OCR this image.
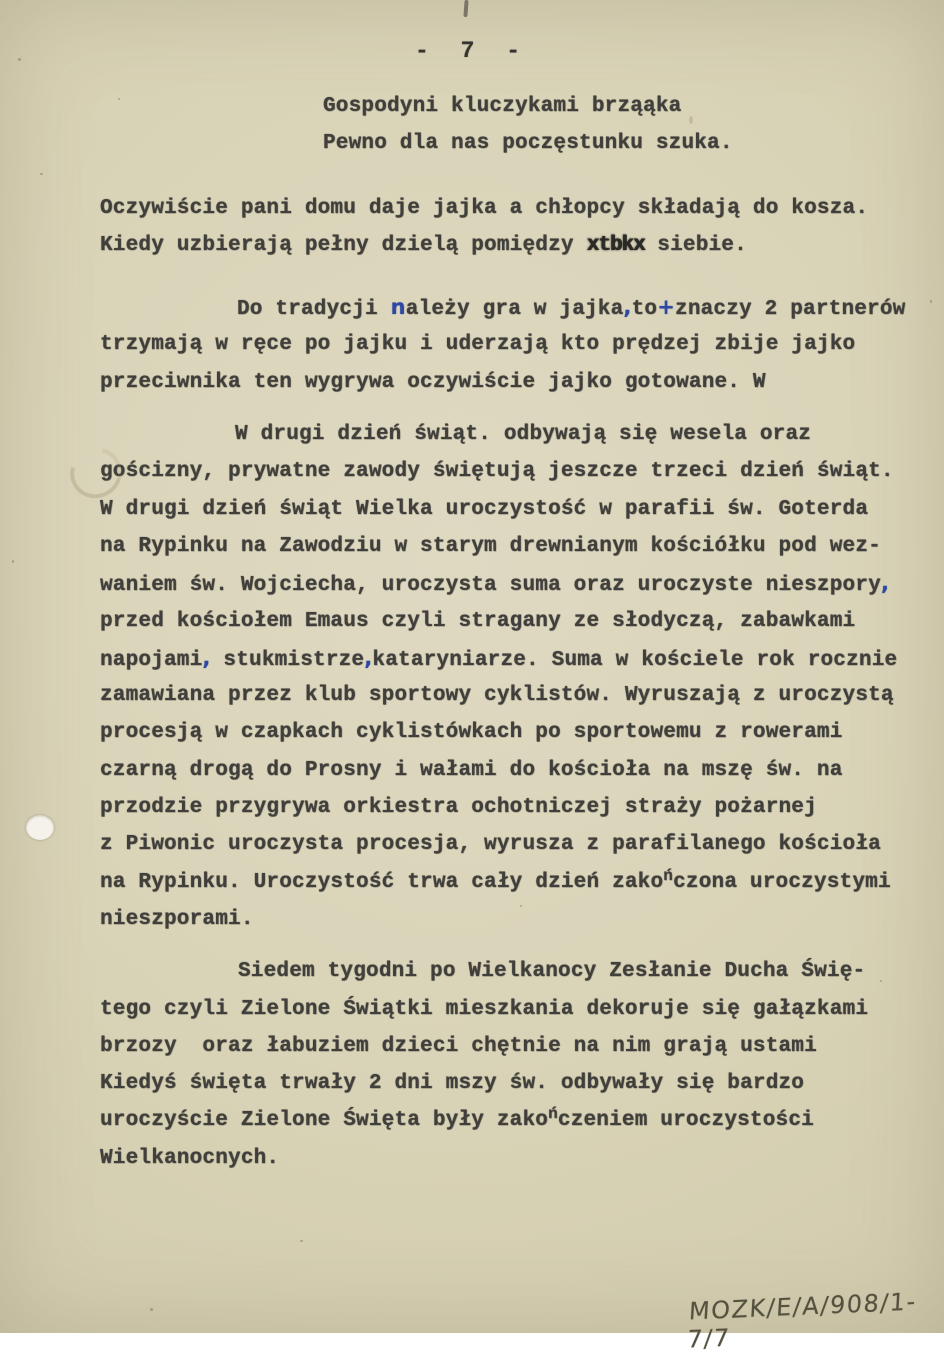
- 7 -
Gospodyni kluczykami brząąka
Pewno dla nas poczęstunku szuka.
Oczywiście pani domu daje jajka a chłopcy składają do kosza.
Kiedy uzbierają pełny dzielą pomiędzy xtbkx siebie.
Do tradycji należy gra w jajka,to+znaczy 2 partnerów
trzymają w ręce po jajku i uderzają kto prędzej zbije jajko
przeciwnika ten wygrywa oczywiście jajko gotowane. W
W drugi dzień świąt. odbywają się wesela oraz
gościzny, prywatne zawody świętują jeszcze trzeci dzień świąt.
W drugi dzień świąt Wielka uroczystość w parafii św. Goterda
na Rypinku na Zawodziu w starym drewnianym kościółku pod wez-
waniem św. Wojciecha, uroczysta suma oraz uroczyste nieszpory,
przed kościołem Emaus czyli stragany ze słodyczą, zabawkami
napojami, stukmistrze,kataryniarze. Suma w kościele rok rocznie
zamawiana przez klub sportowy cyklistów. Wyruszają z uroczystą
procesją w czapkach cyklistówkach po sportowemu z rowerami
czarną drogą do Prosny i wałami do kościoła na mszę św. na
przodzie przygrywa orkiestra ochotniczej straży pożarnej
z Piwonic uroczysta procesja, wyrusza z parafilanego kościoła
na Rypinku. Uroczystość trwa cały dzień zakończona uroczystymi
nieszporami.
Siedem tygodni po Wielkanocy Zesłanie Ducha Świę-
tego czyli Zielone Świątki mieszkania dekoruje się gałązkami
brzozy  oraz łabuziem dzieci chętnie na nim grają ustami
Kiedyś święta trwały 2 dni mszy św. odbywały się bardzo
uroczyście Zielone Święta były zakończeniem uroczystości
Wielkanocnych.
MOZK/E/A/908/1-7/7
